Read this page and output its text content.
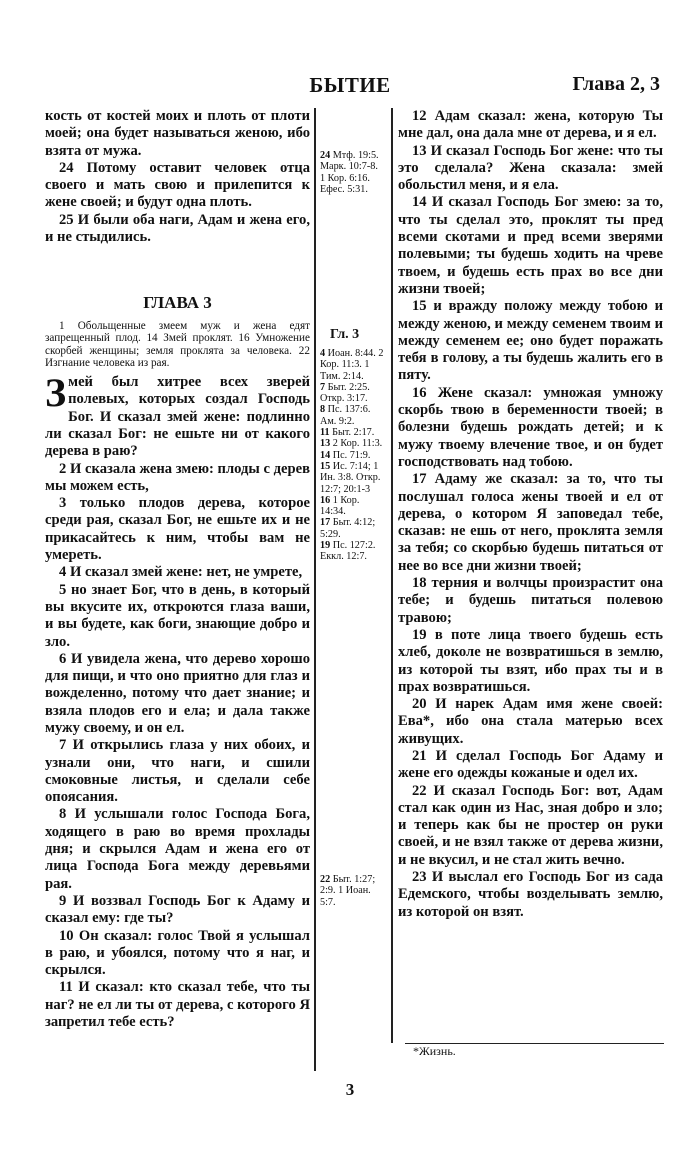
БЫТИЕ	Глава 2, 3

кость от костей моих и плоть от плоти моей; она будет называться женою, ибо взята от мужа.

24 Потому оставит человек отца своего и мать свою и прилепится к жене своей; и будут одна плоть.

25 И были оба наги, Адам и жена его, и не стыдились.

ГЛАВА 3

1 Обольщенные змеем муж и жена едят запрещенный плод. 14 Змей проклят. 16 Умножение скорбей женщины; земля проклята за человека. 22 Изгнание человека из рая.

Змей был хитрее всех зверей полевых, которых создал Господь Бог. И сказал змей жене: подлинно ли сказал Бог: не ешьте ни от какого дерева в раю?

2 И сказала жена змею: плоды с дерев мы можем есть,

3 только плодов дерева, которое среди рая, сказал Бог, не ешьте их и не прикасайтесь к ним, чтобы вам не умереть.

4 И сказал змей жене: нет, не умрете,

5 но знает Бог, что в день, в который вы вкусите их, откроются глаза ваши, и вы будете, как боги, знающие добро и зло.

6 И увидела жена, что дерево хорошо для пищи, и что оно приятно для глаз и вожделенно, потому что дает знание; и взяла плодов его и ела; и дала также мужу своему, и он ел.

7 И открылись глаза у них обоих, и узнали они, что наги, и сшили смоковные листья, и сделали себе опоясания.

8 И услышали голос Господа Бога, ходящего в раю во время прохлады дня; и скрылся Адам и жена его от лица Господа Бога между деревьями рая.

9 И воззвал Господь Бог к Адаму и сказал ему: где ты?

10 Он сказал: голос Твой я услышал в раю, и убоялся, потому что я наг, и скрылся.

11 И сказал: кто сказал тебе, что ты наг? не ел ли ты от дерева, с которого Я запретил тебе есть?

24 Мтф. 19:5. Марк. 10:7-8. 1 Кор. 6:16. Ефес. 5:31.
Гл. 3
4 Иоан. 8:44. 2 Кор. 11:3. 1 Тим. 2:14.
7 Быт. 2:25. Откр. 3:17.
8 Пс. 137:6. Ам. 9:2.
11 Быт. 2:17.
13 2 Кор. 11:3.
14 Пс. 71:9.
15 Ис. 7:14; 1 Ин. 3:8. Откр. 12:7; 20:1-3
16 1 Кор. 14:34.
17 Быт. 4:12; 5:29.
19 Пс. 127:2. Еккл. 12:7.
22 Быт. 1:27; 2:9. 1 Иоан. 5:7.

12 Адам сказал: жена, которую Ты мне дал, она дала мне от дерева, и я ел.

13 И сказал Господь Бог жене: что ты это сделала? Жена сказала: змей обольстил меня, и я ела.

14 И сказал Господь Бог змею: за то, что ты сделал это, проклят ты пред всеми скотами и пред всеми зверями полевыми; ты будешь ходить на чреве твоем, и будешь есть прах во все дни жизни твоей;

15 и вражду положу между тобою и между женою, и между семенем твоим и между семенем ее; оно будет поражать тебя в голову, а ты будешь жалить его в пяту.

16 Жене сказал: умножая умножу скорбь твою в беременности твоей; в болезни будешь рождать детей; и к мужу твоему влечение твое, и он будет господствовать над тобою.

17 Адаму же сказал: за то, что ты послушал голоса жены твоей и ел от дерева, о котором Я заповедал тебе, сказав: не ешь от него, проклята земля за тебя; со скорбью будешь питаться от нее во все дни жизни твоей;

18 терния и волчцы произрастит она тебе; и будешь питаться полевою травою;

19 в поте лица твоего будешь есть хлеб, доколе не возвратишься в землю, из которой ты взят, ибо прах ты и в прах возвратишься.

20 И нарек Адам имя жене своей: Ева*, ибо она стала матерью всех живущих.

21 И сделал Господь Бог Адаму и жене его одежды кожаные и одел их.

22 И сказал Господь Бог: вот, Адам стал как один из Нас, зная добро и зло; и теперь как бы не простер он руки своей, и не взял также от дерева жизни, и не вкусил, и не стал жить вечно.

23 И выслал его Господь Бог из сада Едемского, чтобы возделывать землю, из которой он взят.

*Жизнь.
3
